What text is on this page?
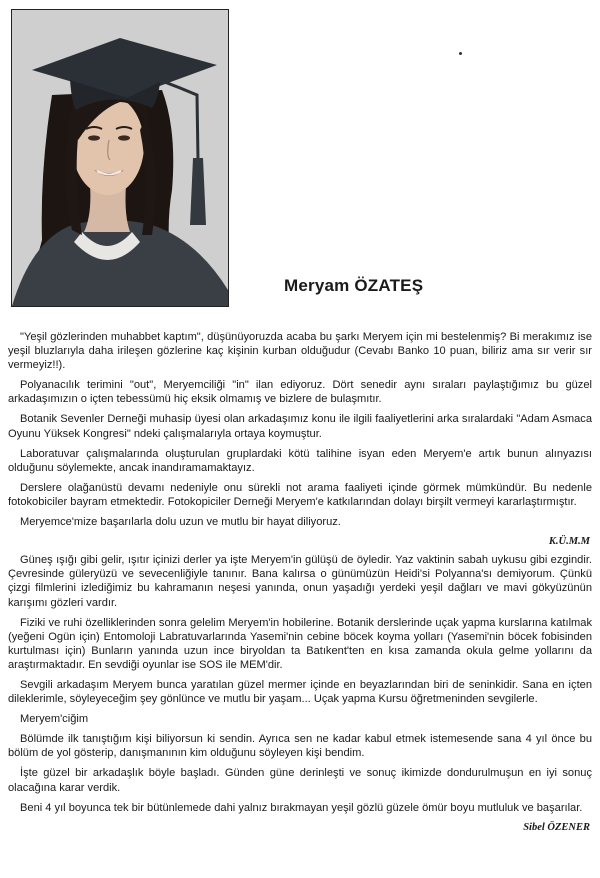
Meryam ÖZATEŞ

"Yeşil gözlerinden muhabbet kaptım", düşünüyoruzda acaba bu şarkı Meryem için mi bestelenmiş? Bi merakımız ise yeşil bluzlarıyla daha irileşen gözlerine kaç kişinin kurban olduğudur (Cevabı Banko 10 puan, biliriz ama sır verir sır vermeyiz!!).

Polyanacılık terimini "out", Meryemciliği "in" ilan ediyoruz. Dört senedir aynı sıraları paylaştığımız bu güzel arkadaşımızın o içten tebessümü hiç eksik olmamış ve bizlere de bulaşmıtır.

Botanik Sevenler Derneği muhasip üyesi olan arkadaşımız konu ile ilgili faaliyetlerini arka sıralardaki "Adam Asmaca Oyunu Yüksek Kongresi" ndeki çalışmalarıyla ortaya koymuştur.

Laboratuvar çalışmalarında oluşturulan gruplardaki kötü talihine isyan eden Meryem'e artık bunun alınyazısı olduğunu söylemekte, ancak inandıramamaktayız.

Derslere olağanüstü devamı nedeniyle onu sürekli not arama faaliyeti içinde görmek mümkündür. Bu nedenle fotokobiciler bayram etmektedir. Fotokopiciler Derneği Meryem'e katkılarından dolayı birşilt vermeyi kararlaştırmıştır.

Meryemce'mize başarılarla dolu uzun ve mutlu bir hayat diliyoruz.

K.Ü.M.M

Güneş ışığı gibi gelir, ışıtır içinizi derler ya işte Meryem'in gülüşü de öyledir. Yaz vaktinin sabah uykusu gibi ezgindir. Çevresinde güleryüzü ve sevecenliğiyle tanınır. Bana kalırsa o günümüzün Heidi'si Polyanna'sı demiyorum. Çünkü çizgi filmlerini izlediğimiz bu kahramanın neşesi yanında, onun yaşadığı yerdeki yeşil dağları ve mavi gökyüzünün karışımı gözleri vardır.

Fiziki ve ruhi özelliklerinden sonra gelelim Meryem'in hobilerine. Botanik derslerinde uçak yapma kurslarına katılmak (yeğeni Ogün için) Entomoloji Labratuvarlarında Yasemi'nin cebine böcek koyma yolları (Yasemi'nin böcek fobisinden kurtulması için) Bunların yanında uzun ince biryoldan ta Batıkent'ten en kısa zamanda okula gelme yollarını da araştırmaktadır. En sevdiği oyunlar ise SOS ile MEM'dir.

Sevgili arkadaşım Meryem bunca yaratılan güzel mermer içinde en beyazlarından biri de seninkidir. Sana en içten dileklerimle, söyleyeceğim şey gönlünce ve mutlu bir yaşam... Uçak yapma Kursu öğretmeninden sevgilerle.

Meryem'ciğim

Bölümde ilk tanıştığım kişi biliyorsun ki sendin. Ayrıca sen ne kadar kabul etmek istemesende sana 4 yıl önce bu bölüm de yol gösterip, danışmanının kim olduğunu söyleyen kişi bendim.

İşte güzel bir arkadaşlık böyle başladı. Günden güne derinleşti ve sonuç ikimizde dondurulmuşun en iyi sonuç olacağına karar verdik.

Beni 4 yıl boyunca tek bir bütünlemede dahi yalnız bırakmayan yeşil gözlü güzele ömür boyu mutluluk ve başarılar.

Sibel ÖZENER
